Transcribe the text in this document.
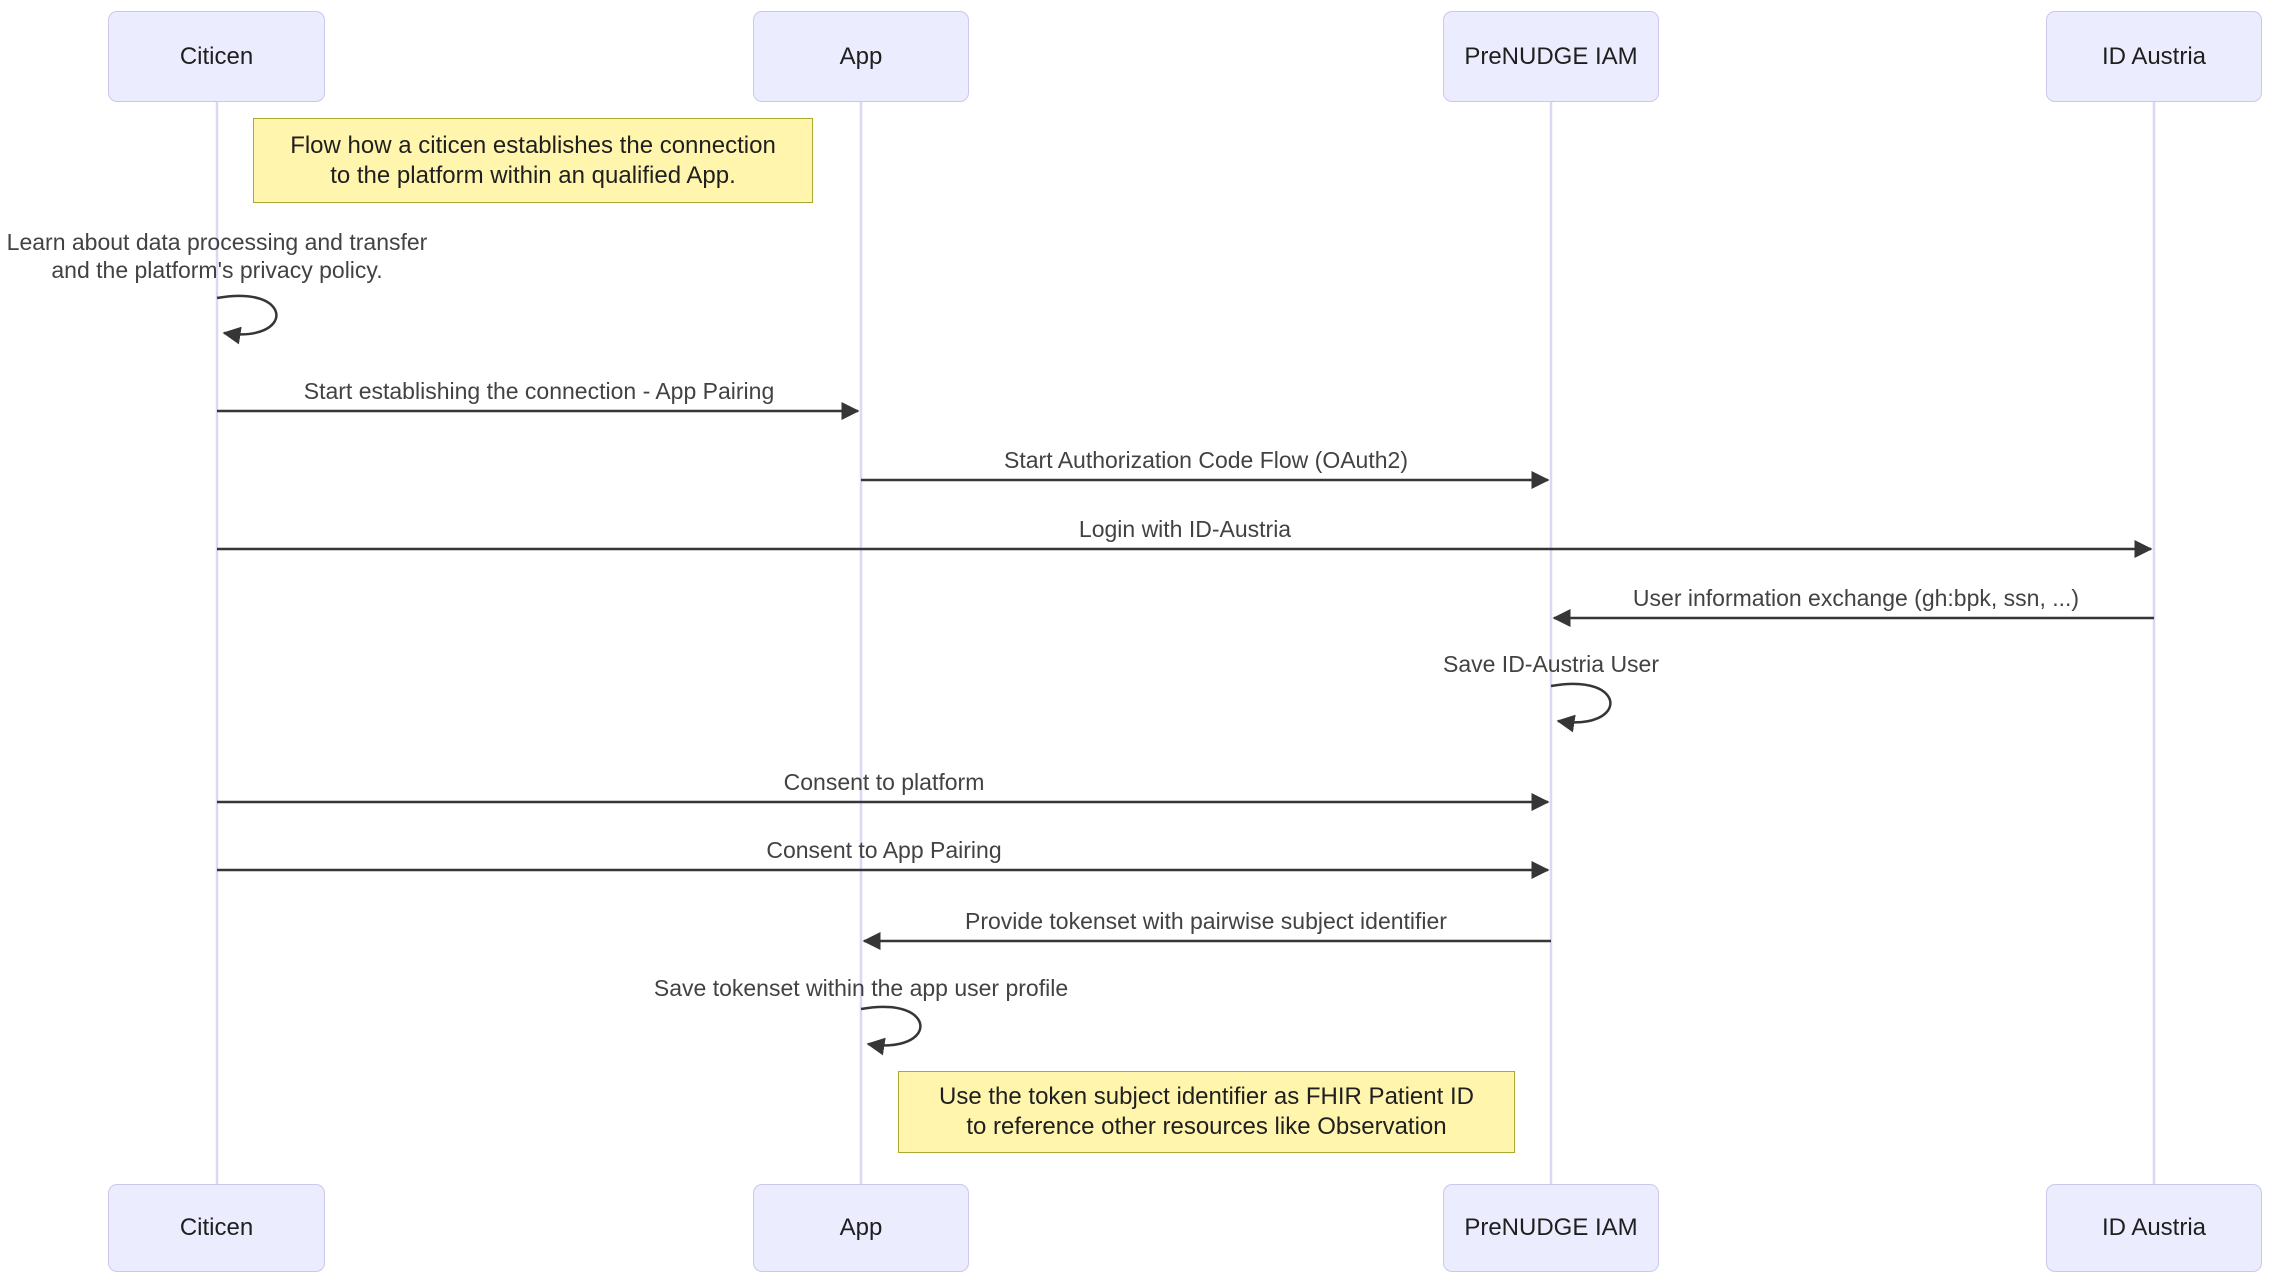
Citicen	App	PreNUDGE IAM	ID Austria
Citicen	App	PreNUDGE IAM	ID Austria
Flow how a citicen establishes the connection
to the platform within an qualified App.
Use the token subject identifier as FHIR Patient ID
to reference other resources like Observation
Learn about data processing and transfer
and the platform's privacy policy.
Start establishing the connection - App Pairing
Start Authorization Code Flow (OAuth2)
Login with ID-Austria
User information exchange (gh:bpk, ssn, ...)
Save ID-Austria User
Consent to platform
Consent to App Pairing
Provide tokenset with pairwise subject identifier
Save tokenset within the app user profile
